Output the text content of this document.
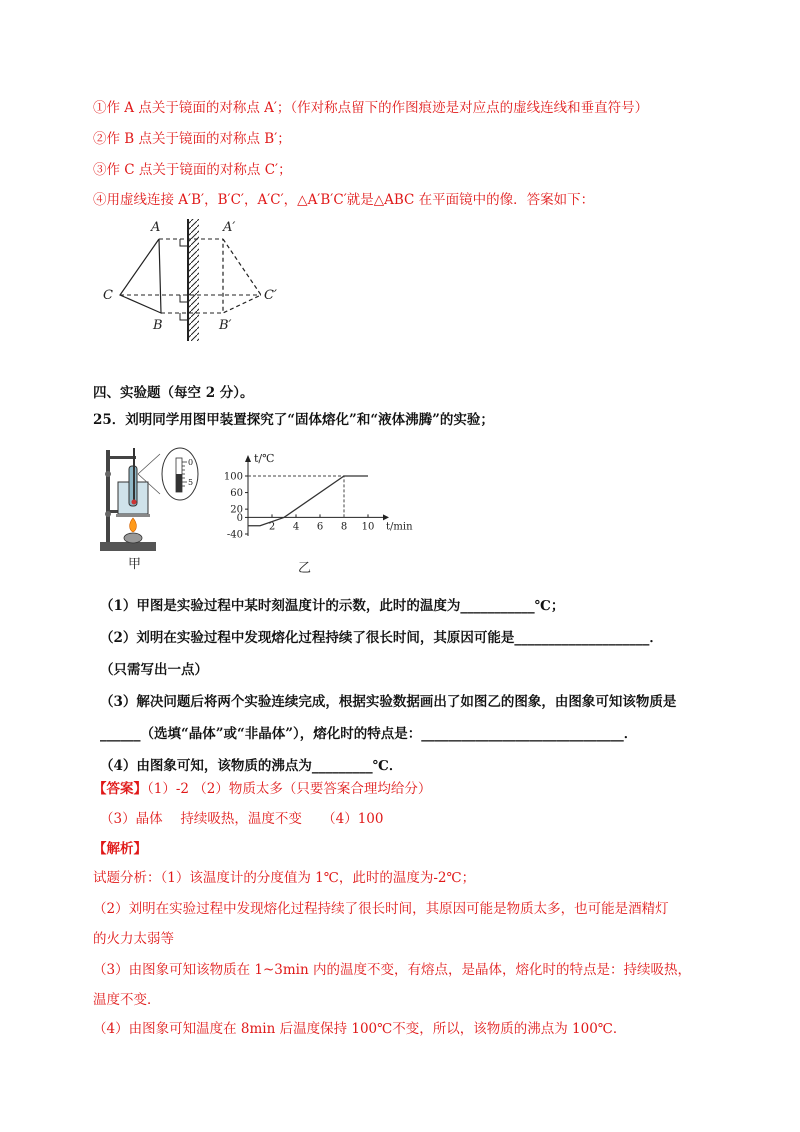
①作 A 点关于镜面的对称点 A′；（作对称点留下的作图痕迹是对应点的虚线连线和垂直符号）
②作 B 点关于镜面的对称点 B′；
③作 C 点关于镜面的对称点 C′；
④用虚线连接 A′B′，B′C′，A′C′，△A′B′C′就是△ABC 在平面镜中的像．答案如下：
A	A′
C	C′
B	B′
四、实验题（每空 2 分）。
25．刘明同学用图甲装置探究了“固体熔化”和“液体沸腾”的实验；
0
5
甲
100
60
20
0
-40
2 4 6 8 10
t/℃
t/min
乙
（1）甲图是实验过程中某时刻温度计的示数，此时的温度为___________℃；
（2）刘明在实验过程中发现熔化过程持续了很长时间，其原因可能是____________________．
（只需写出一点）
（3）解决问题后将两个实验连续完成，根据实验数据画出了如图乙的图象，由图象可知该物质是
______（选填“晶体”或“非晶体”），熔化时的特点是：______________________________．
（4）由图象可知，该物质的沸点为_________℃．
【答案】（1）-2 （2）物质太多（只要答案合理均给分）
（3）晶体　 持续吸热，温度不变　　（4）100
【解析】
试题分析：（1）该温度计的分度值为 1℃，此时的温度为-2℃；
（2）刘明在实验过程中发现熔化过程持续了很长时间，其原因可能是物质太多，也可能是酒精灯
的火力太弱等
（3）由图象可知该物质在 1~3min 内的温度不变，有熔点，是晶体，熔化时的特点是：持续吸热，
温度不变．
（4）由图象可知温度在 8min 后温度保持 100℃不变，所以，该物质的沸点为 100℃．
